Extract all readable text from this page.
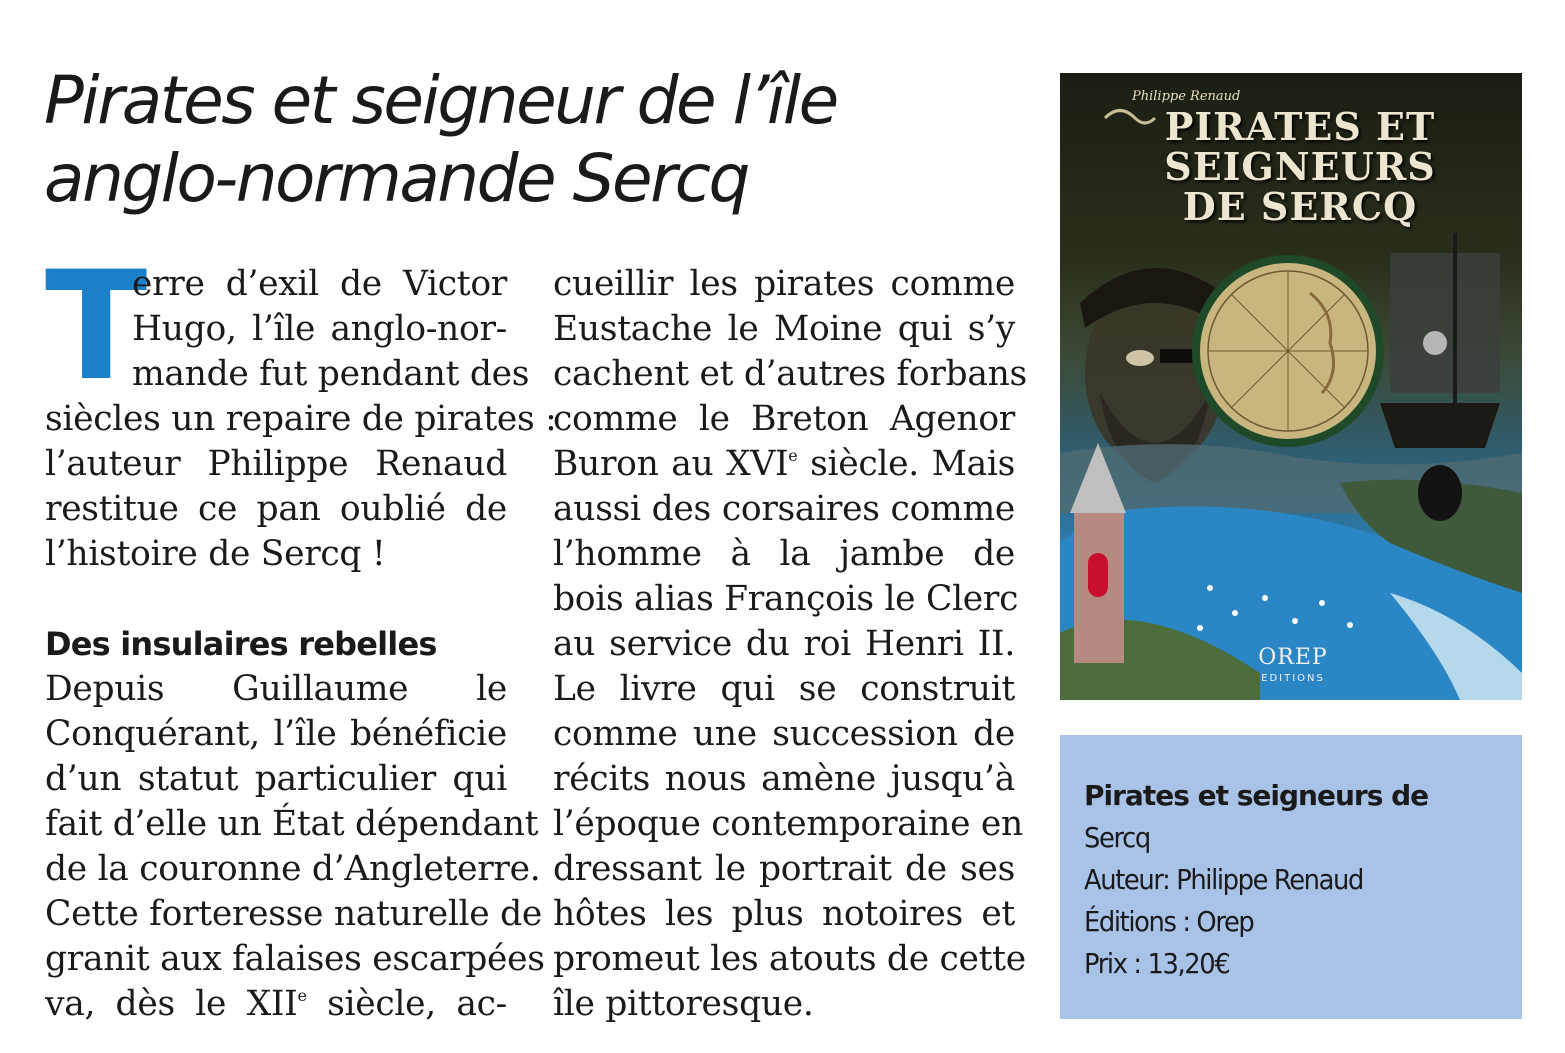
Pirates et seigneur de l’île
anglo-normande Sercq
T
erre d’exil de Victor
Hugo, l’île anglo-nor-
mande fut pendant des
siècles un repaire de pirates :
l’auteur Philippe Renaud
restitue ce pan oublié de
l’histoire de Sercq !
Des insulaires rebelles
Depuis Guillaume le
Conquérant, l’île bénéficie
d’un statut particulier qui
fait d’elle un État dépendant
de la couronne d’Angleterre.
Cette forteresse naturelle de
granit aux falaises escarpées
va, dès le XIIe siècle, ac-
cueillir les pirates comme
Eustache le Moine qui s’y
cachent et d’autres forbans
comme le Breton Agenor
Buron au XVIe siècle. Mais
aussi des corsaires comme
l’homme à la jambe de
bois alias François le Clerc
au service du roi Henri II.
Le livre qui se construit
comme une succession de
récits nous amène jusqu’à
l’époque contemporaine en
dressant le portrait de ses
hôtes les plus notoires et
promeut les atouts de cette
île pittoresque.
Philippe Renaud
PIRATES ET
SEIGNEURS
DE SERCQ
OREP
EDITIONS
Pirates et seigneurs de
Sercq
Auteur: Philippe Renaud
Éditions : Orep
Prix : 13,20€
